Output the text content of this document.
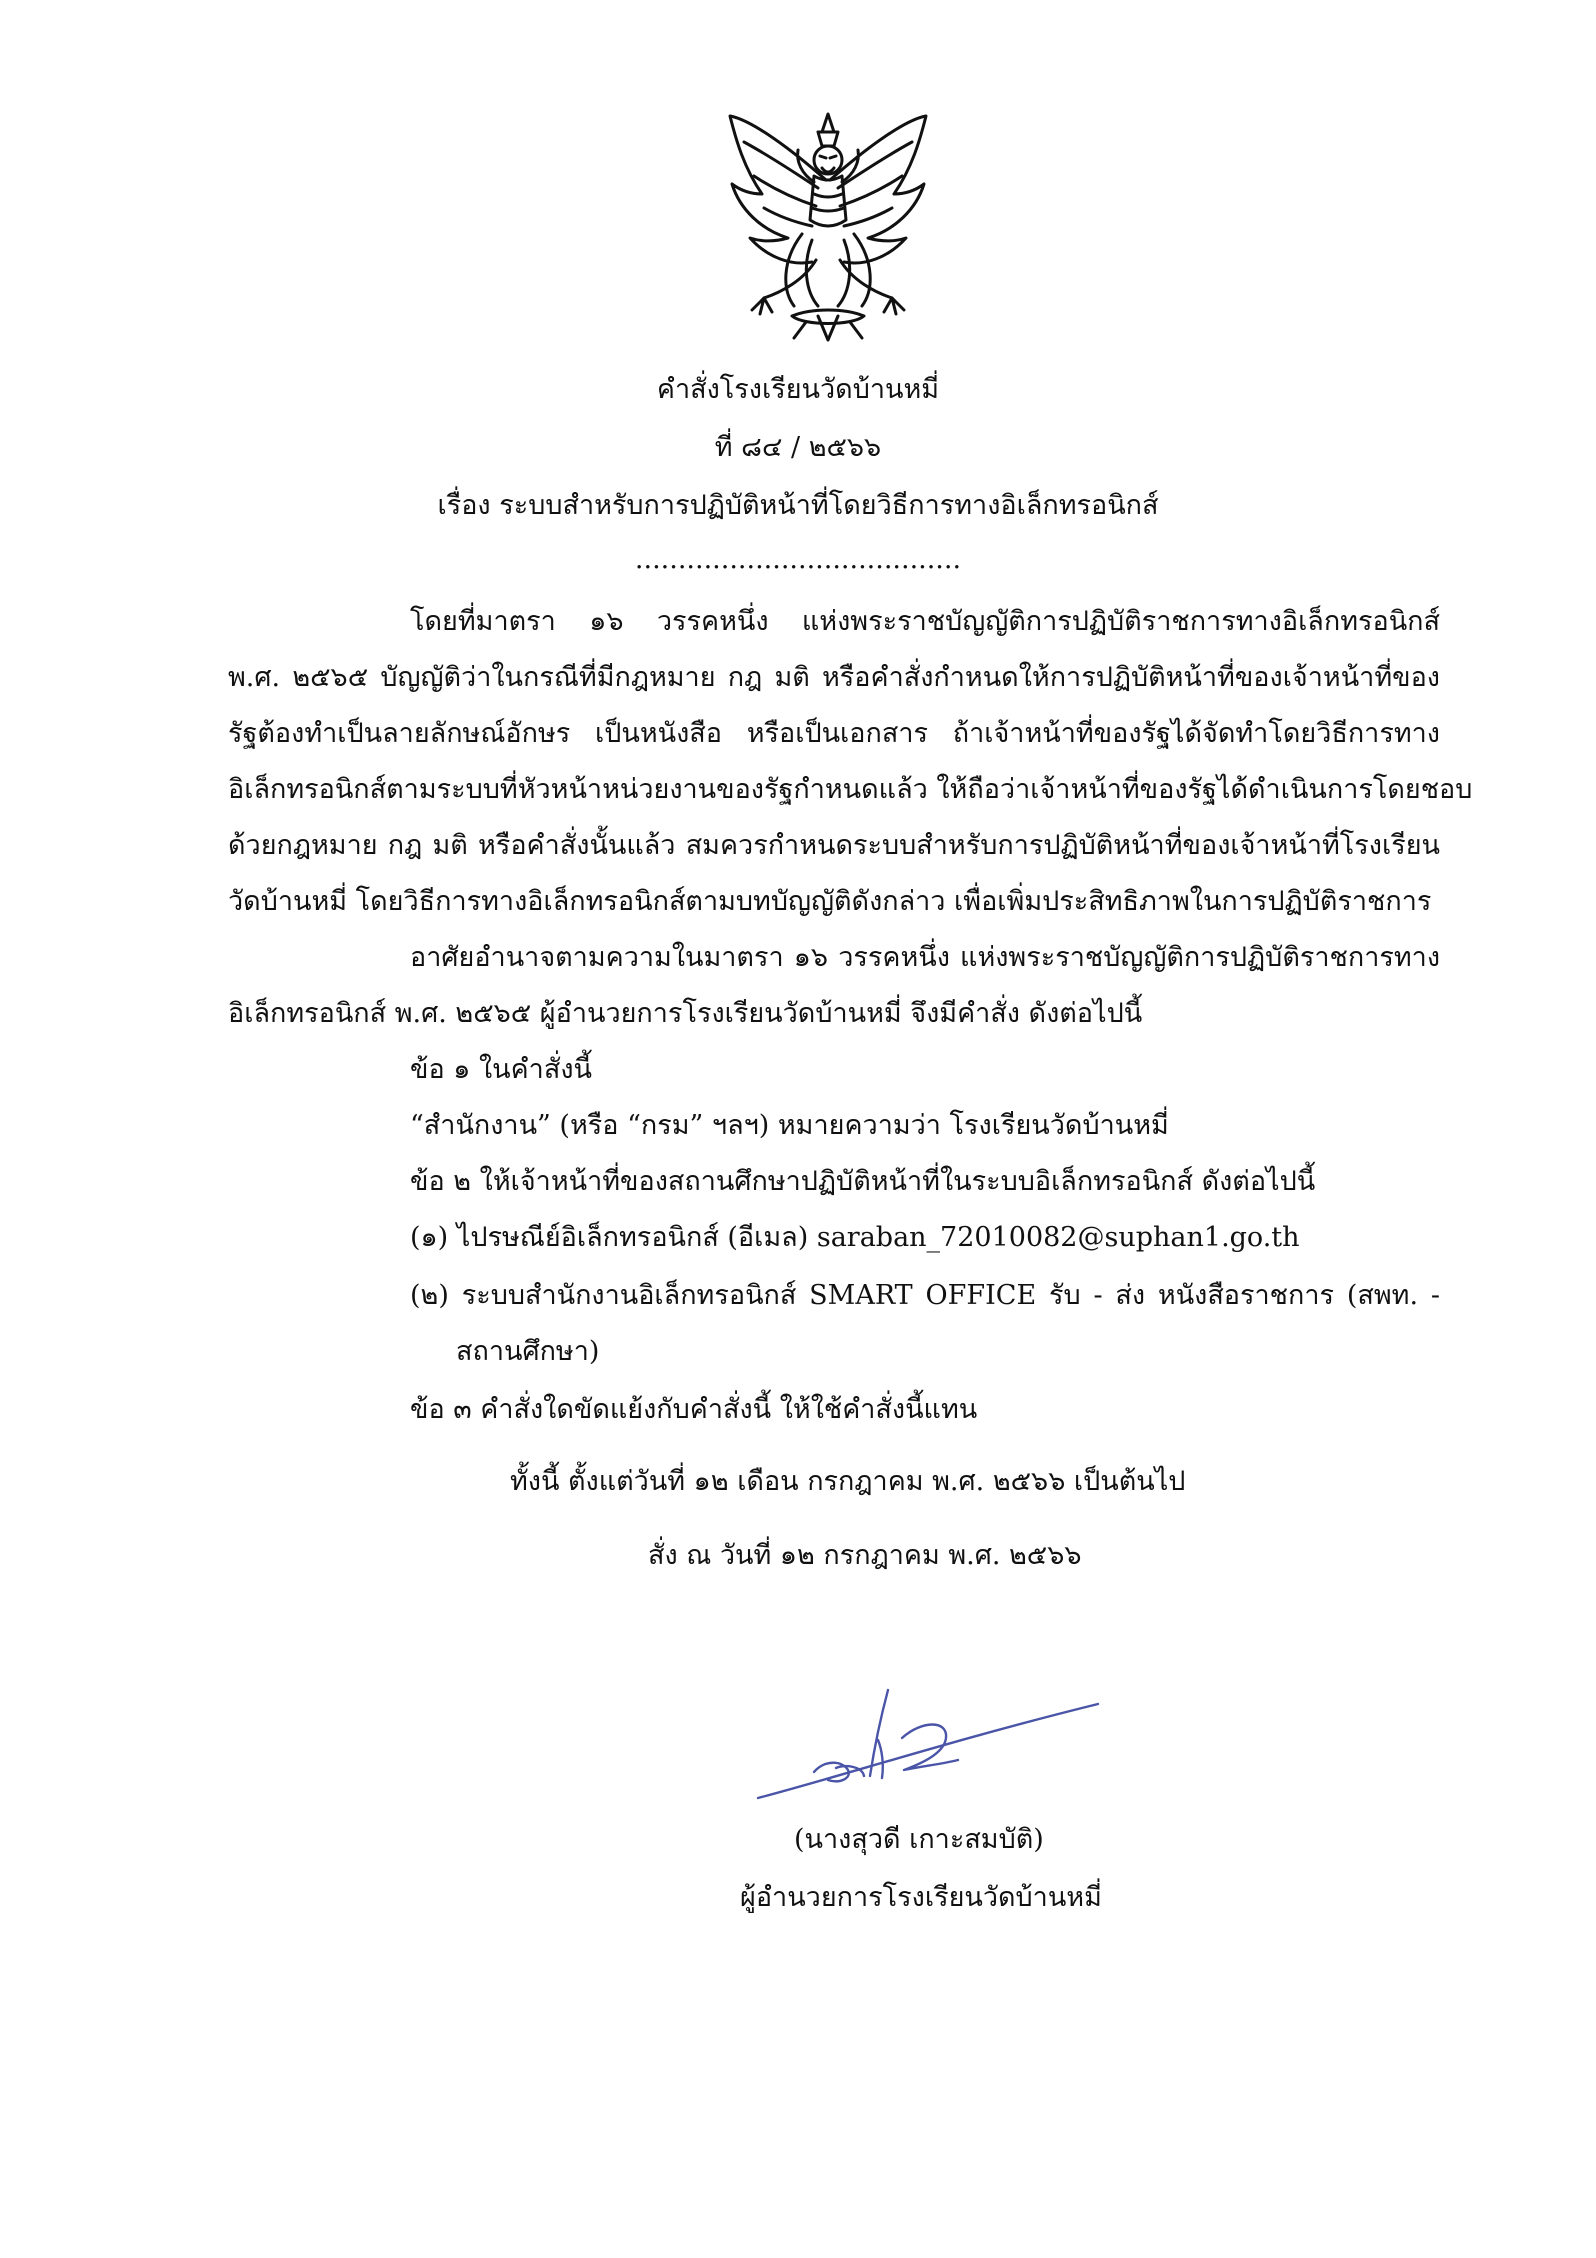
คำสั่งโรงเรียนวัดบ้านหมี่
ที่ ๘๔ / ๒๕๖๖
เรื่อง ระบบสำหรับการปฏิบัติหน้าที่โดยวิธีการทางอิเล็กทรอนิกส์
......................................
โดยที่มาตรา ๑๖ วรรคหนึ่ง แห่งพระราชบัญญัติการปฏิบัติราชการทางอิเล็กทรอนิกส์
พ.ศ. ๒๕๖๕ บัญญัติว่าในกรณีที่มีกฎหมาย กฎ มติ หรือคำสั่งกำหนดให้การปฏิบัติหน้าที่ของเจ้าหน้าที่ของ
รัฐต้องทำเป็นลายลักษณ์อักษร เป็นหนังสือ หรือเป็นเอกสาร ถ้าเจ้าหน้าที่ของรัฐได้จัดทำโดยวิธีการทาง
อิเล็กทรอนิกส์ตามระบบที่หัวหน้าหน่วยงานของรัฐกำหนดแล้ว ให้ถือว่าเจ้าหน้าที่ของรัฐได้ดำเนินการโดยชอบ
ด้วยกฎหมาย กฎ มติ หรือคำสั่งนั้นแล้ว สมควรกำหนดระบบสำหรับการปฏิบัติหน้าที่ของเจ้าหน้าที่โรงเรียน
วัดบ้านหมี่ โดยวิธีการทางอิเล็กทรอนิกส์ตามบทบัญญัติดังกล่าว เพื่อเพิ่มประสิทธิภาพในการปฏิบัติราชการ
อาศัยอำนาจตามความในมาตรา ๑๖ วรรคหนึ่ง แห่งพระราชบัญญัติการปฏิบัติราชการทาง
อิเล็กทรอนิกส์ พ.ศ. ๒๕๖๕ ผู้อำนวยการโรงเรียนวัดบ้านหมี่ จึงมีคำสั่ง ดังต่อไปนี้
ข้อ ๑ ในคำสั่งนี้
“สำนักงาน” (หรือ “กรม” ฯลฯ) หมายความว่า โรงเรียนวัดบ้านหมี่
ข้อ ๒ ให้เจ้าหน้าที่ของสถานศึกษาปฏิบัติหน้าที่ในระบบอิเล็กทรอนิกส์ ดังต่อไปนี้
(๑) ไปรษณีย์อิเล็กทรอนิกส์ (อีเมล) saraban_72010082@suphan1.go.th
(๒) ระบบสำนักงานอิเล็กทรอนิกส์ SMART OFFICE รับ - ส่ง หนังสือราชการ (สพท. -
สถานศึกษา)
ข้อ ๓ คำสั่งใดขัดแย้งกับคำสั่งนี้ ให้ใช้คำสั่งนี้แทน
ทั้งนี้ ตั้งแต่วันที่ ๑๒ เดือน กรกฎาคม พ.ศ. ๒๕๖๖ เป็นต้นไป
สั่ง ณ วันที่ ๑๒ กรกฎาคม พ.ศ. ๒๕๖๖
(นางสุวดี เกาะสมบัติ)
ผู้อำนวยการโรงเรียนวัดบ้านหมี่
